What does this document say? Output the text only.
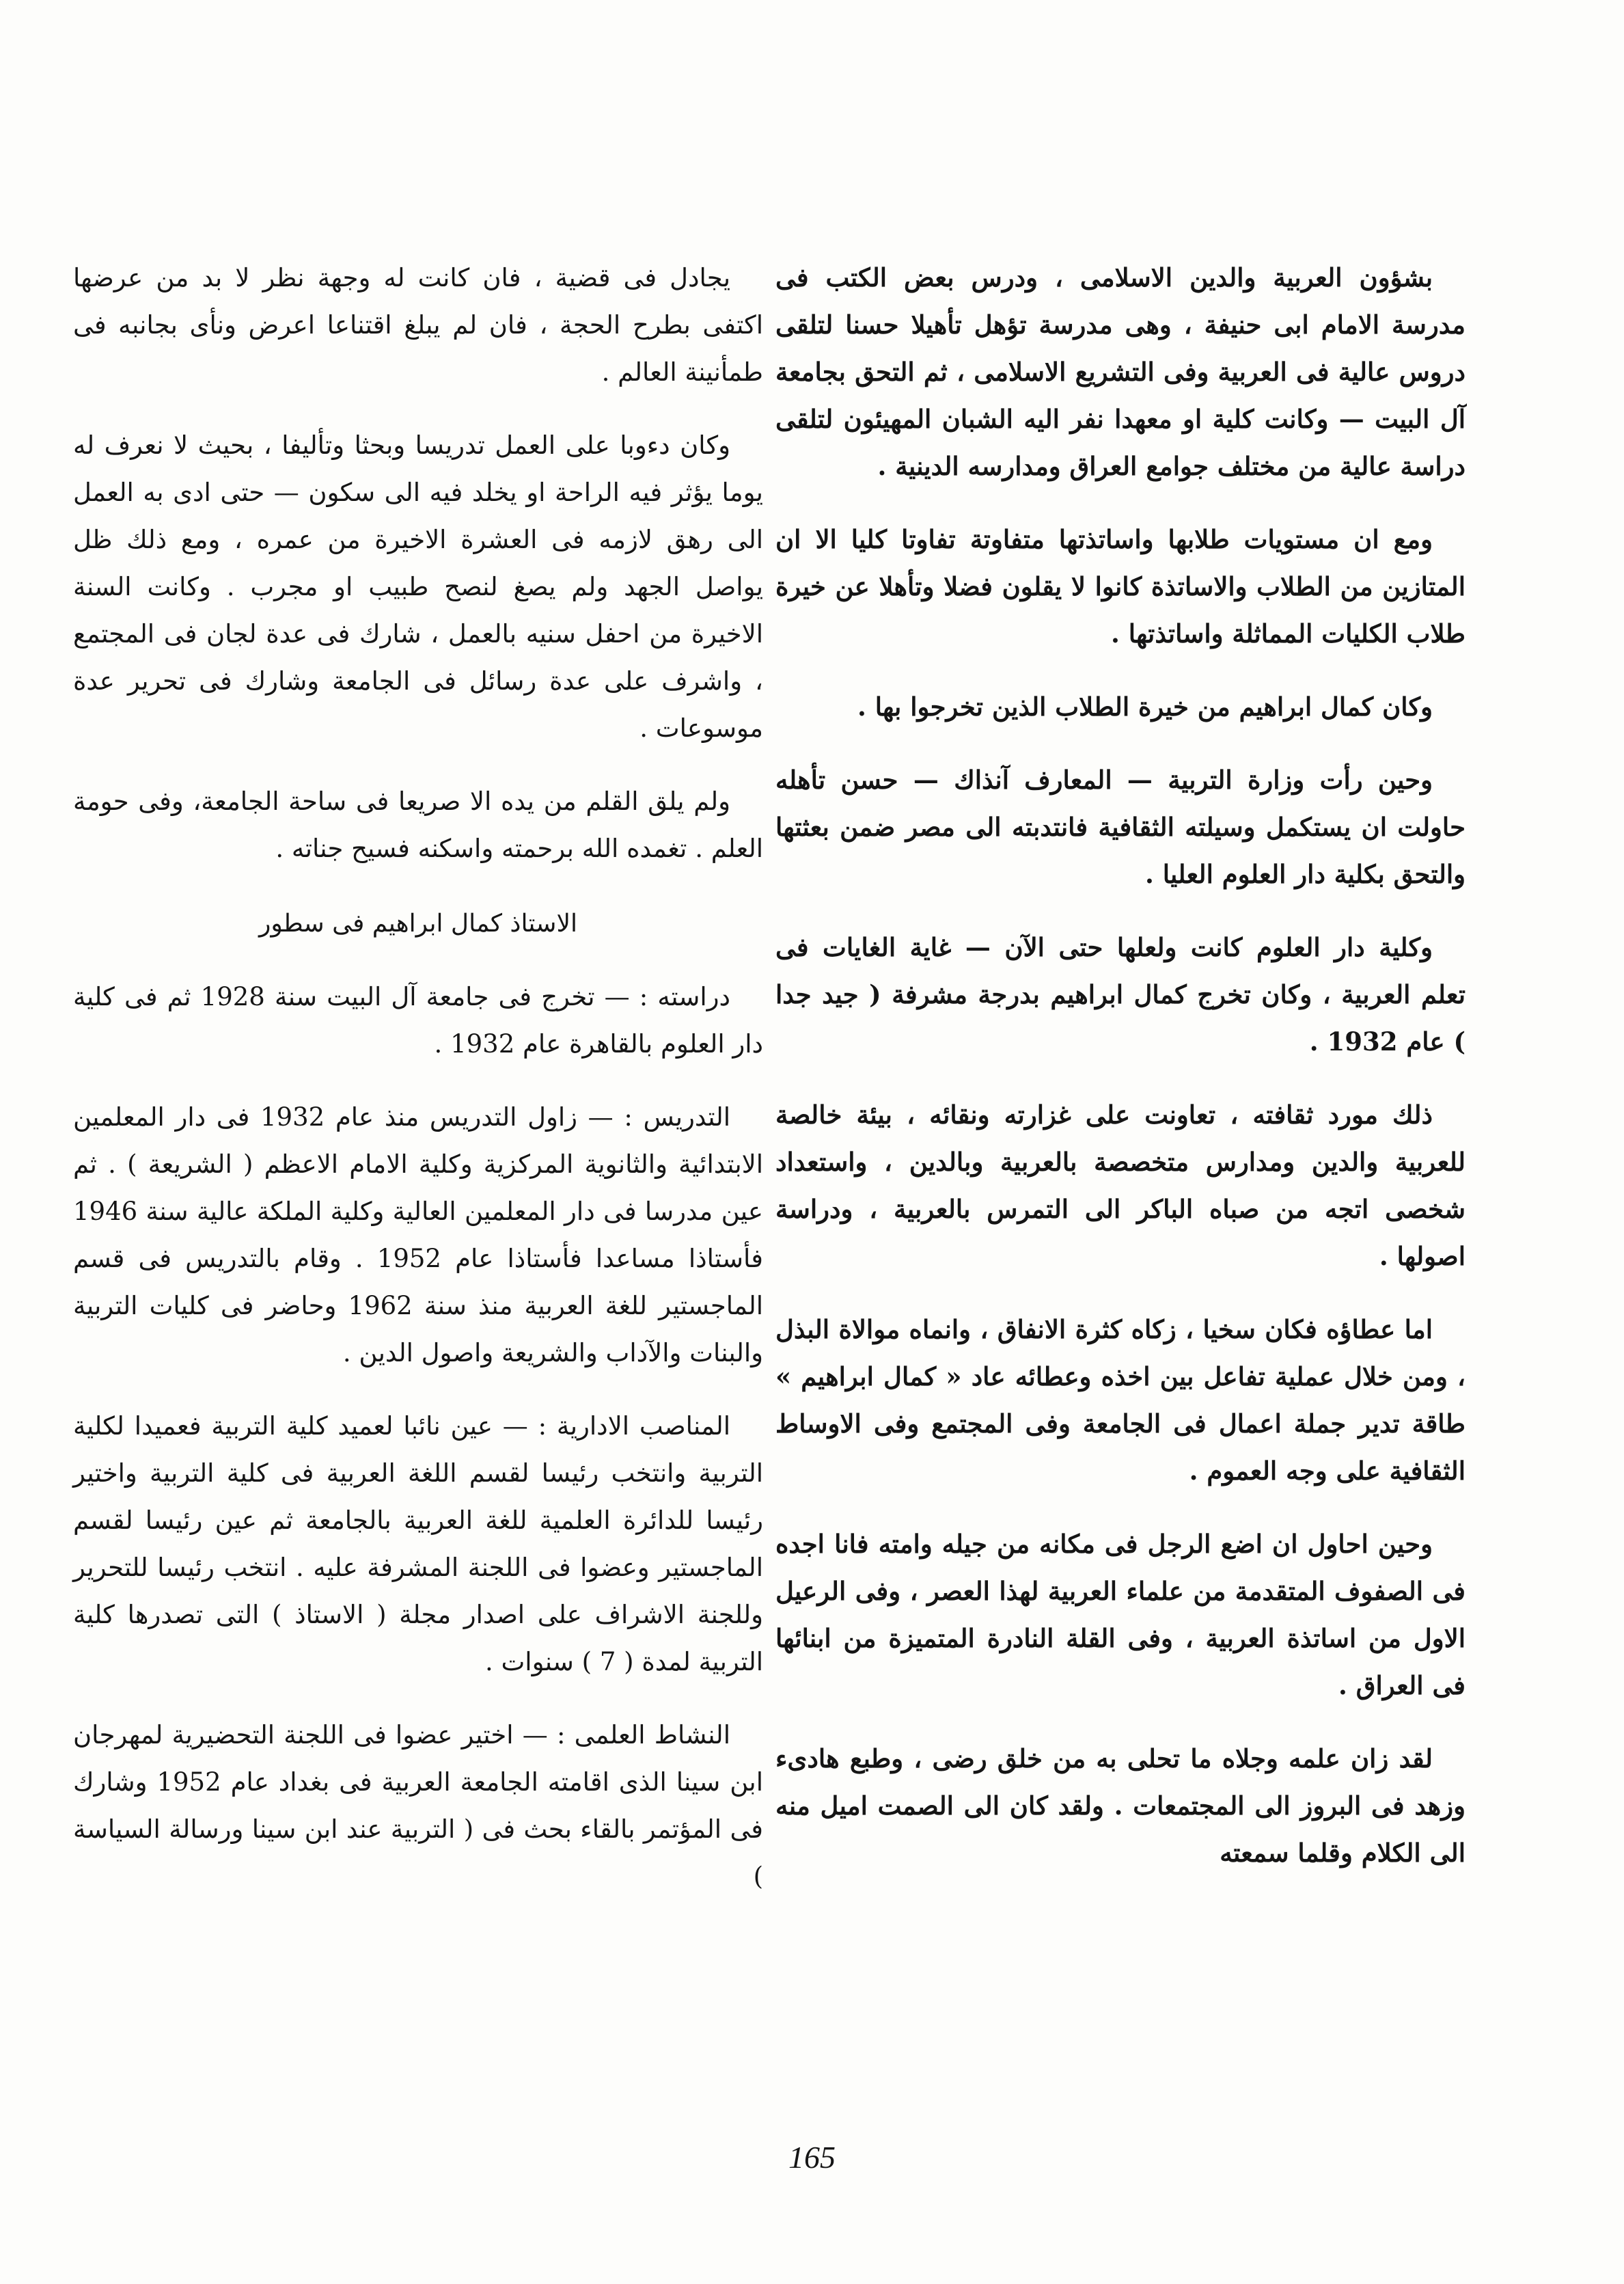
بشؤون العربية والدين الاسلامى ، ودرس بعض الكتب فى مدرسة الامام ابى حنيفة ، وهى مدرسة تؤهل تأهيلا حسنا لتلقى دروس عالية فى العربية وفى التشريع الاسلامى ، ثم التحق بجامعة آل البيت — وكانت كلية او معهدا نفر اليه الشبان المهيئون لتلقى دراسة عالية من مختلف جوامع العراق ومدارسه الدينية .

ومع ان مستويات طلابها واساتذتها متفاوتة تفاوتا كليا الا ان المتازين من الطلاب والاساتذة كانوا لا يقلون فضلا وتأهلا عن خيرة طلاب الكليات المماثلة واساتذتها .

وكان كمال ابراهيم من خيرة الطلاب الذين تخرجوا بها .

وحين رأت وزارة التربية — المعارف آنذاك — حسن تأهله حاولت ان يستكمل وسيلته الثقافية فانتدبته الى مصر ضمن بعثتها والتحق بكلية دار العلوم العليا .

وكلية دار العلوم كانت ولعلها حتى الآن — غاية الغايات فى تعلم العربية ، وكان تخرج كمال ابراهيم بدرجة مشرفة ( جيد جدا ) عام 1932 .

ذلك مورد ثقافته ، تعاونت على غزارته ونقائه ، بيئة خالصة للعربية والدين ومدارس متخصصة بالعربية وبالدين ، واستعداد شخصى اتجه من صباه الباكر الى التمرس بالعربية ، ودراسة اصولها .

اما عطاؤه فكان سخيا ، زكاه كثرة الانفاق ، وانماه موالاة البذل ، ومن خلال عملية تفاعل بين اخذه وعطائه عاد « كمال ابراهيم » طاقة تدير جملة اعمال فى الجامعة وفى المجتمع وفى الاوساط الثقافية على وجه العموم .

وحين احاول ان اضع الرجل فى مكانه من جيله وامته فانا اجده فى الصفوف المتقدمة من علماء العربية لهذا العصر ، وفى الرعيل الاول من اساتذة العربية ، وفى القلة النادرة المتميزة من ابنائها فى العراق .

لقد زان علمه وجلاه ما تحلى به من خلق رضى ، وطبع هادىء وزهد فى البروز الى المجتمعات . ولقد كان الى الصمت اميل منه الى الكلام وقلما سمعته

يجادل فى قضية ، فان كانت له وجهة نظر لا بد من عرضها اكتفى بطرح الحجة ، فان لم يبلغ اقتناعا اعرض ونأى بجانبه فى طمأنينة العالم .

وكان دءوبا على العمل تدريسا وبحثا وتأليفا ، بحيث لا نعرف له يوما يؤثر فيه الراحة او يخلد فيه الى سكون — حتى ادى به العمل الى رهق لازمه فى العشرة الاخيرة من عمره ، ومع ذلك ظل يواصل الجهد ولم يصغ لنصح طبيب او مجرب . وكانت السنة الاخيرة من احفل سنيه بالعمل ، شارك فى عدة لجان فى المجتمع ، واشرف على عدة رسائل فى الجامعة وشارك فى تحرير عدة موسوعات .

ولم يلق القلم من يده الا صريعا فى ساحة الجامعة، وفى حومة العلم . تغمده الله برحمته واسكنه فسيح جناته .

الاستاذ كمال ابراهيم فى سطور

دراسته : — تخرج فى جامعة آل البيت سنة 1928 ثم فى كلية دار العلوم بالقاهرة عام 1932 .

التدريس : — زاول التدريس منذ عام 1932 فى دار المعلمين الابتدائية والثانوية المركزية وكلية الامام الاعظم ( الشريعة ) . ثم عين مدرسا فى دار المعلمين العالية وكلية الملكة عالية سنة 1946 فأستاذا مساعدا فأستاذا عام 1952 . وقام بالتدريس فى قسم الماجستير للغة العربية منذ سنة 1962 وحاضر فى كليات التربية والبنات والآداب والشريعة واصول الدين .

المناصب الادارية : — عين نائبا لعميد كلية التربية فعميدا لكلية التربية وانتخب رئيسا لقسم اللغة العربية فى كلية التربية واختير رئيسا للدائرة العلمية للغة العربية بالجامعة ثم عين رئيسا لقسم الماجستير وعضوا فى اللجنة المشرفة عليه . انتخب رئيسا للتحرير وللجنة الاشراف على اصدار مجلة ( الاستاذ ) التى تصدرها كلية التربية لمدة ( 7 ) سنوات .

النشاط العلمى : — اختير عضوا فى اللجنة التحضيرية لمهرجان ابن سينا الذى اقامته الجامعة العربية فى بغداد عام 1952 وشارك فى المؤتمر بالقاء بحث فى ( التربية عند ابن سينا ورسالة السياسة )

165
